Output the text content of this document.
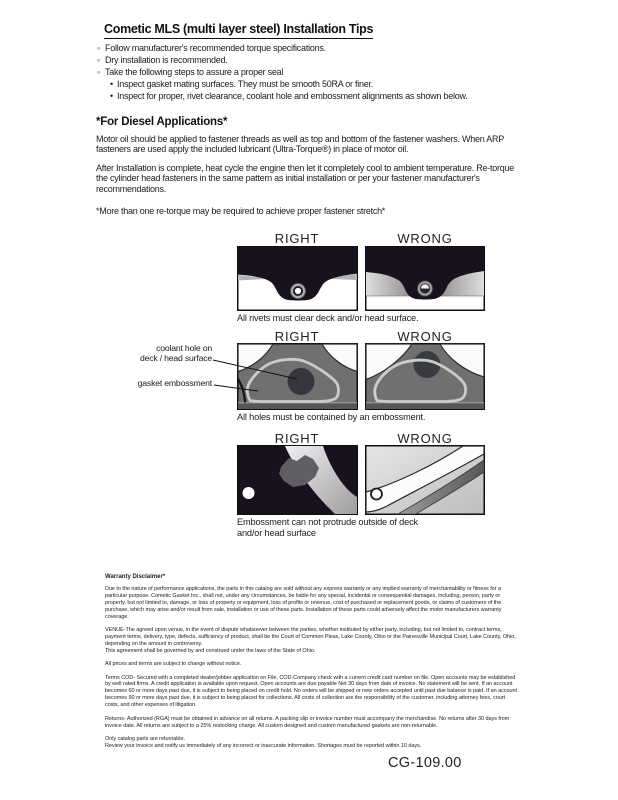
Cometic MLS (multi layer steel) Installation Tips
◦ Follow manufacturer's recommended torque specifications.
◦ Dry installation is recommended.
◦ Take the following steps to assure a proper seal
• Inspect gasket mating surfaces. They must be smooth 50RA or finer.
• Inspect for proper, rivet clearance, coolant hole and embossment alignments as shown below.
*For Diesel Applications*
Motor oil should be applied to fastener threads as well as top and bottom of the fastener washers. When ARP fasteners are used apply the included lubricant (Ultra-Torque®) in place of motor oil.
After Installation is complete, heat cycle the engine then let it completely cool to ambient temperature. Re-torque the cylinder head fasteners in the same pattern as initial installation or per your fastener manufacturer's recommendations.
*More than one re-torque may be required to achieve proper fastener stretch*
RIGHT	WRONG
All rivets must clear deck and/or head surface.
RIGHT	WRONG
coolant hole on
deck / head surface
gasket embossment
All holes must be contained by an embossment.
RIGHT	WRONG
Embossment can not protrude outside of deck
and/or head surface
Warranty Disclaimer*
Due to the nature of performance applications, the parts in this catalog are sold without any express warranty or any implied warranty of merchantability or fitness for a particular purpose. Cometic Gasket Inc., shall not, under any circumstances, be liable for any special, incidental or consequential damages, including, person, party or property, but not limited to, damage, or loss of property or equipment, loss of profits or revenue, cost of purchased or replacement goods, or claims of customers of the purchase, which may arise and/or result from sale, installation or use of these parts. Installation of these parts could adversely affect the motor manufacturers warranty coverage.
VENUE-The agreed upon venue, in the event of dispute whatsoever between the parties, whether instituted by either party, including, but not limited to, contract terms, payment terms, delivery, type, defects, sufficiency of product, shall be the Court of Common Pleas, Lake County, Ohio or the Painesville Municipal Court, Lake County, Ohio, depending on the amount in controversy.
This agreement shall be governed by and construed under the laws of the State of Ohio.
All prices and terms are subject to change without notice.
Terms COD- Secured with a completed dealer/jobber application on File, COD-Company check with a current credit card number on file. Open accounts may be established by well rated firms. A credit application is available upon request. Open accounts are due payable Net 30 days from date of invoice. No statement will be sent. If an account becomes 60 or more days past due, it is subject to being placed on credit hold. No orders will be shipped or new orders accepted until past due balance is paid. If an account becomes 90 or more days past due, it is subject to being placed for collections. All costs of collection are the responsibility of the customer, including attorney fees, court costs, and other expenses of litigation.
Returns- Authorized (RGA) must be obtained in advance on all returns. A packing slip or invoice number must accompany the merchandise. No returns after 30 days from invoice date. All returns are subject to a 25% restocking charge. All custom designed and custom manufactured gaskets are non-returnable.
Only catalog parts are returnable.
Review your invoice and notify us immediately of any incorrect or inaccurate information. Shortages must be reported within 10 days.
CG-109.00
